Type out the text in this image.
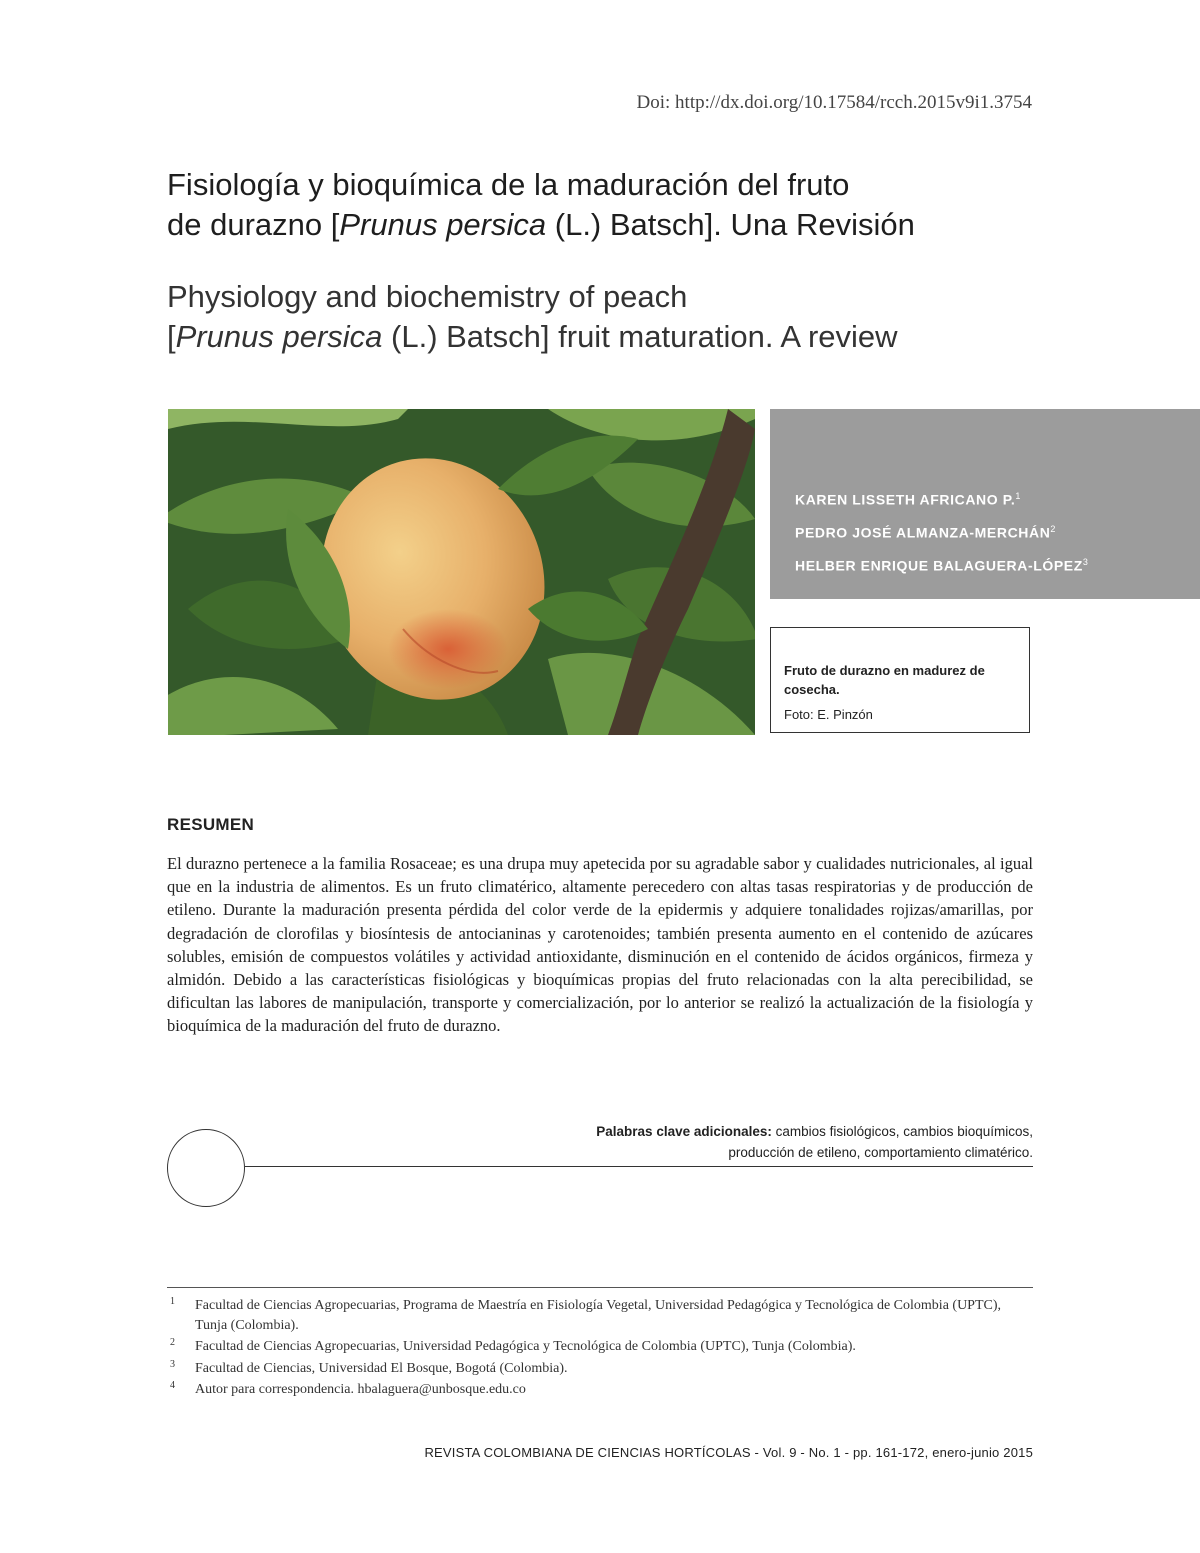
Doi: http://dx.doi.org/10.17584/rcch.2015v9i1.3754
Fisiología y bioquímica de la maduración del fruto
de durazno [Prunus persica (L.) Batsch]. Una Revisión
Physiology and biochemistry of peach
[Prunus persica (L.) Batsch] fruit maturation. A review
KAREN LISSETH AFRICANO P.$^1$
PEDRO JOSÉ ALMANZA-MERCHÁN$^2$
HELBER ENRIQUE BALAGUERA-LÓPEZ$^3$
Fruto de durazno en madurez de cosecha.
Foto: E. Pinzón
RESUMEN

El durazno pertenece a la familia Rosaceae; es una drupa muy apetecida por su agradable sabor y cualidades nutricionales, al igual que en la industria de alimentos. Es un fruto climatérico, altamente perecedero con altas tasas respiratorias y de producción de etileno. Durante la maduración presenta pérdida del color verde de la epidermis y adquiere tonalidades rojizas/amarillas, por degradación de clorofilas y biosíntesis de antocianinas y carotenoides; también presenta aumento en el contenido de azúcares solubles, emisión de compuestos volátiles y actividad antioxidante, disminución en el contenido de ácidos orgánicos, firmeza y almidón. Debido a las características fisiológicas y bioquímicas propias del fruto relacionadas con la alta perecibilidad, se dificultan las labores de manipulación, transporte y comercialización, por lo anterior se realizó la actualización de la fisiología y bioquímica de la maduración del fruto de durazno.

Palabras clave adicionales: cambios fisiológicos, cambios bioquímicos,
producción de etileno, comportamiento climatérico.
1 Facultad de Ciencias Agropecuarias, Programa de Maestría en Fisiología Vegetal, Universidad Pedagógica y Tecnológica de Colombia (UPTC), Tunja (Colombia).
2 Facultad de Ciencias Agropecuarias, Universidad Pedagógica y Tecnológica de Colombia (UPTC), Tunja (Colombia).
3 Facultad de Ciencias, Universidad El Bosque, Bogotá (Colombia).
4 Autor para correspondencia. hbalaguera@unbosque.edu.co
REVISTA COLOMBIANA DE CIENCIAS HORTÍCOLAS - Vol. 9 - No. 1 - pp. 161-172, enero-junio 2015
